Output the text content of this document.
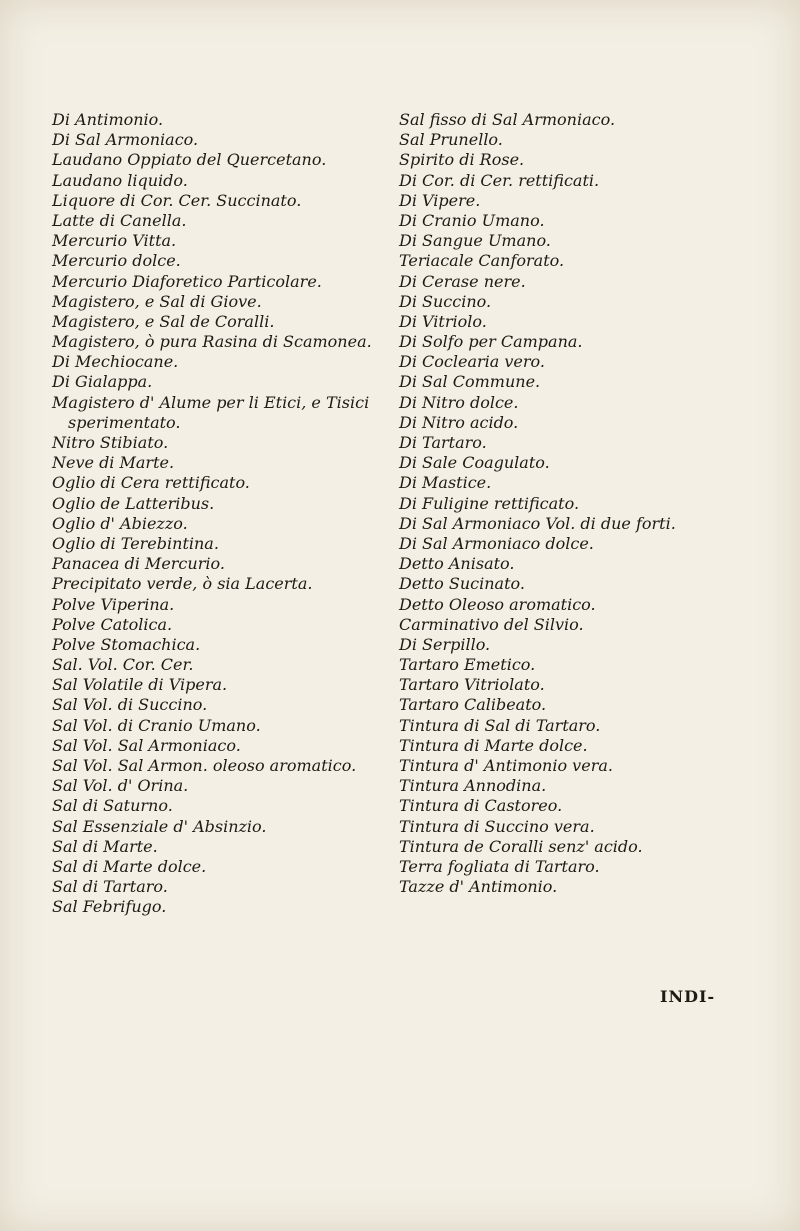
Di Antimonio.
Di Sal Armoniaco.
Laudano Oppiato del Quercetano.
Laudano liquido.
Liquore di Cor. Cer. Succinato.
Latte di Canella.
Mercurio Vitta.
Mercurio dolce.
Mercurio Diaforetico Particolare.
Magistero, e Sal di Giove.
Magistero, e Sal de Coralli.
Magistero, ò pura Rasina di Scamonea.
Di Mechiocane.
Di Gialappa.
Magistero d' Alume per li Etici, e Tisici
sperimentato.
Nitro Stibiato.
Neve di Marte.
Oglio di Cera rettificato.
Oglio de Latteribus.
Oglio d' Abiezzo.
Oglio di Terebintina.
Panacea di Mercurio.
Precipitato verde, ò sia Lacerta.
Polve Viperina.
Polve Catolica.
Polve Stomachica.
Sal. Vol. Cor. Cer.
Sal Volatile di Vipera.
Sal Vol. di Succino.
Sal Vol. di Cranio Umano.
Sal Vol. Sal Armoniaco.
Sal Vol. Sal Armon. oleoso aromatico.
Sal Vol. d' Orina.
Sal di Saturno.
Sal Essenziale d' Absinzio.
Sal di Marte.
Sal di Marte dolce.
Sal di Tartaro.
Sal Febrifugo.
Sal fisso di Sal Armoniaco.
Sal Prunello.
Spirito di Rose.
Di Cor. di Cer. rettificati.
Di Vipere.
Di Cranio Umano.
Di Sangue Umano.
Teriacale Canforato.
Di Cerase nere.
Di Succino.
Di Vitriolo.
Di Solfo per Campana.
Di Coclearia vero.
Di Sal Commune.
Di Nitro dolce.
Di Nitro acido.
Di Tartaro.
Di Sale Coagulato.
Di Mastice.
Di Fuligine rettificato.
Di Sal Armoniaco Vol. di due forti.
Di Sal Armoniaco dolce.
Detto Anisato.
Detto Sucinato.
Detto Oleoso aromatico.
Carminativo del Silvio.
Di Serpillo.
Tartaro Emetico.
Tartaro Vitriolato.
Tartaro Calibeato.
Tintura di Sal di Tartaro.
Tintura di Marte dolce.
Tintura d' Antimonio vera.
Tintura Annodina.
Tintura di Castoreo.
Tintura di Succino vera.
Tintura de Coralli senz' acido.
Terra fogliata di Tartaro.
Tazze d' Antimonio.
INDI-
